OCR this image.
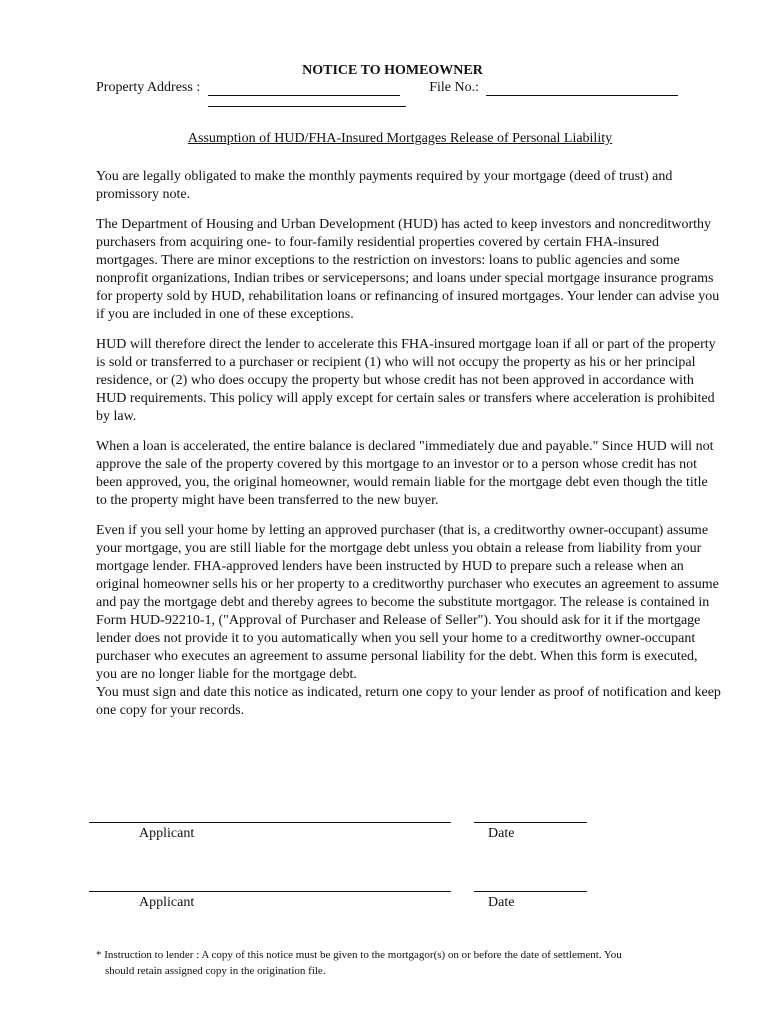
NOTICE TO HOMEOWNER
Property Address :	File No.:
Assumption of HUD/FHA-Insured Mortgages Release of Personal Liability

You are legally obligated to make the monthly payments required by your mortgage (deed of trust) and promissory note.

The Department of Housing and Urban Development (HUD) has acted to keep investors and noncreditworthy purchasers from acquiring one- to four-family residential properties covered by certain FHA-insured mortgages. There are minor exceptions to the restriction on investors: loans to public agencies and some nonprofit organizations, Indian tribes or servicepersons; and loans under special mortgage insurance programs for property sold by HUD, rehabilitation loans or refinancing of insured mortgages. Your lender can advise you if you are included in one of these exceptions.

HUD will therefore direct the lender to accelerate this FHA-insured mortgage loan if all or part of the property is sold or transferred to a purchaser or recipient (1) who will not occupy the property as his or her principal residence, or (2) who does occupy the property but whose credit has not been approved in accordance with HUD requirements. This policy will apply except for certain sales or transfers where acceleration is prohibited by law.

When a loan is accelerated, the entire balance is declared "immediately due and payable." Since HUD will not approve the sale of the property covered by this mortgage to an investor or to a person whose credit has not been approved, you, the original homeowner, would remain liable for the mortgage debt even though the title to the property might have been transferred to the new buyer.

Even if you sell your home by letting an approved purchaser (that is, a creditworthy owner-occupant) assume your mortgage, you are still liable for the mortgage debt unless you obtain a release from liability from your mortgage lender. FHA-approved lenders have been instructed by HUD to prepare such a release when an original homeowner sells his or her property to a creditworthy purchaser who executes an agreement to assume and pay the mortgage debt and thereby agrees to become the substitute mortgagor. The release is contained in Form HUD-92210-1, ("Approval of Purchaser and Release of Seller"). You should ask for it if the mortgage lender does not provide it to you automatically when you sell your home to a creditworthy owner-occupant purchaser who executes an agreement to assume personal liability for the debt. When this form is executed, you are no longer liable for the mortgage debt.

You must sign and date this notice as indicated, return one copy to your lender as proof of notification and keep one copy for your records.

Applicant	Date
Applicant	Date
* Instruction to lender : A copy of this notice must be given to the mortgagor(s) on or before the date of settlement. You
should retain assigned copy in the origination file.
